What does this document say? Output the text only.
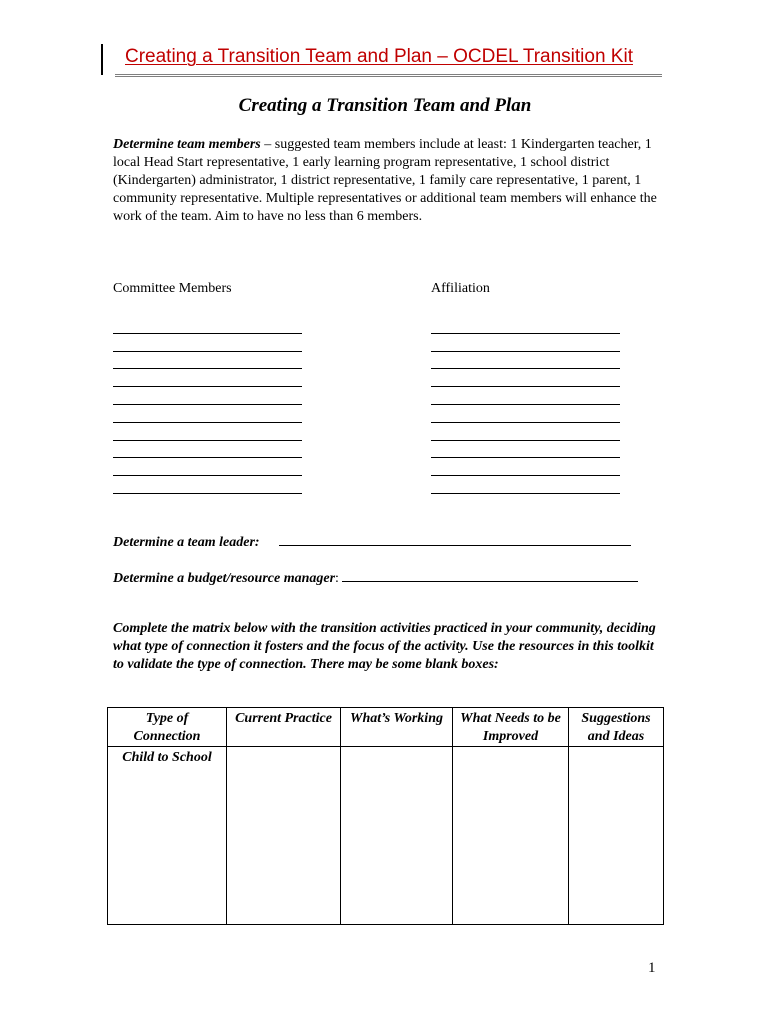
Creating a Transition Team and Plan – OCDEL Transition Kit
Creating a Transition Team and Plan
Determine team members – suggested team members include at least: 1 Kindergarten teacher, 1 local Head Start representative, 1 early learning program representative, 1 school district (Kindergarten) administrator, 1 district representative, 1 family care representative, 1 parent, 1 community representative. Multiple representatives or additional team members will enhance the work of the team. Aim to have no less than 6 members.
Committee Members	Affiliation
Determine a team leader:
Determine a budget/resource manager:
Complete the matrix below with the transition activities practiced in your community, deciding what type of connection it fosters and the focus of the activity. Use the resources in this toolkit to validate the type of connection. There may be some blank boxes:
Type of Connection	Current Practice	What’s Working	What Needs to be Improved	Suggestions and Ideas
Child to School				
1
